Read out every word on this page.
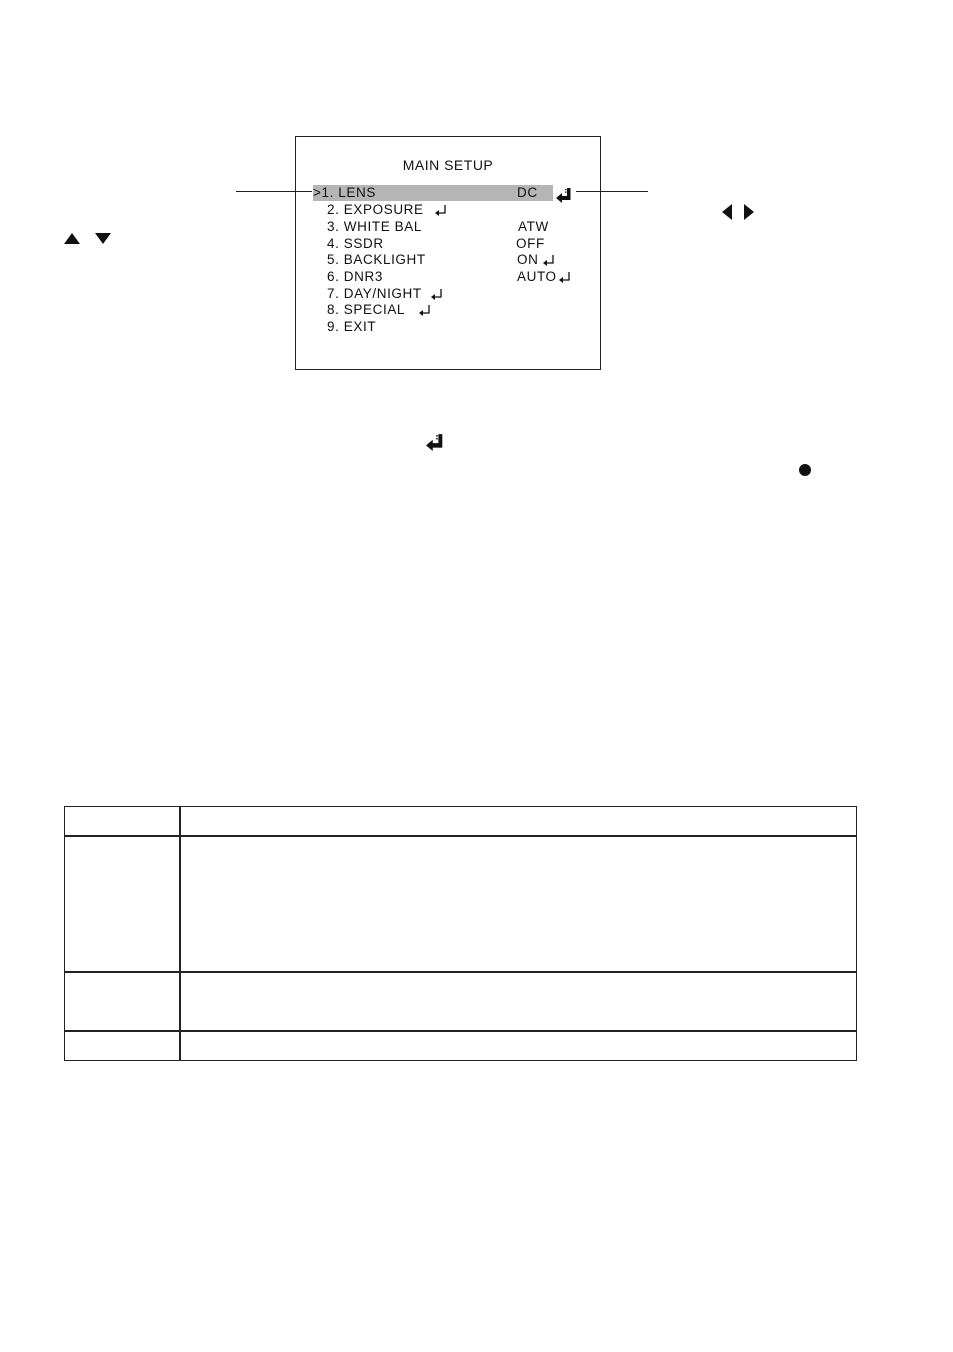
MAIN SETUP
>1. LENS	DC
2. EXPOSURE
3. WHITE BAL	ATW
4. SSDR	OFF
5. BACKLIGHT	ON
6. DNR3	AUTO
7. DAY/NIGHT
8. SPECIAL
9. EXIT
